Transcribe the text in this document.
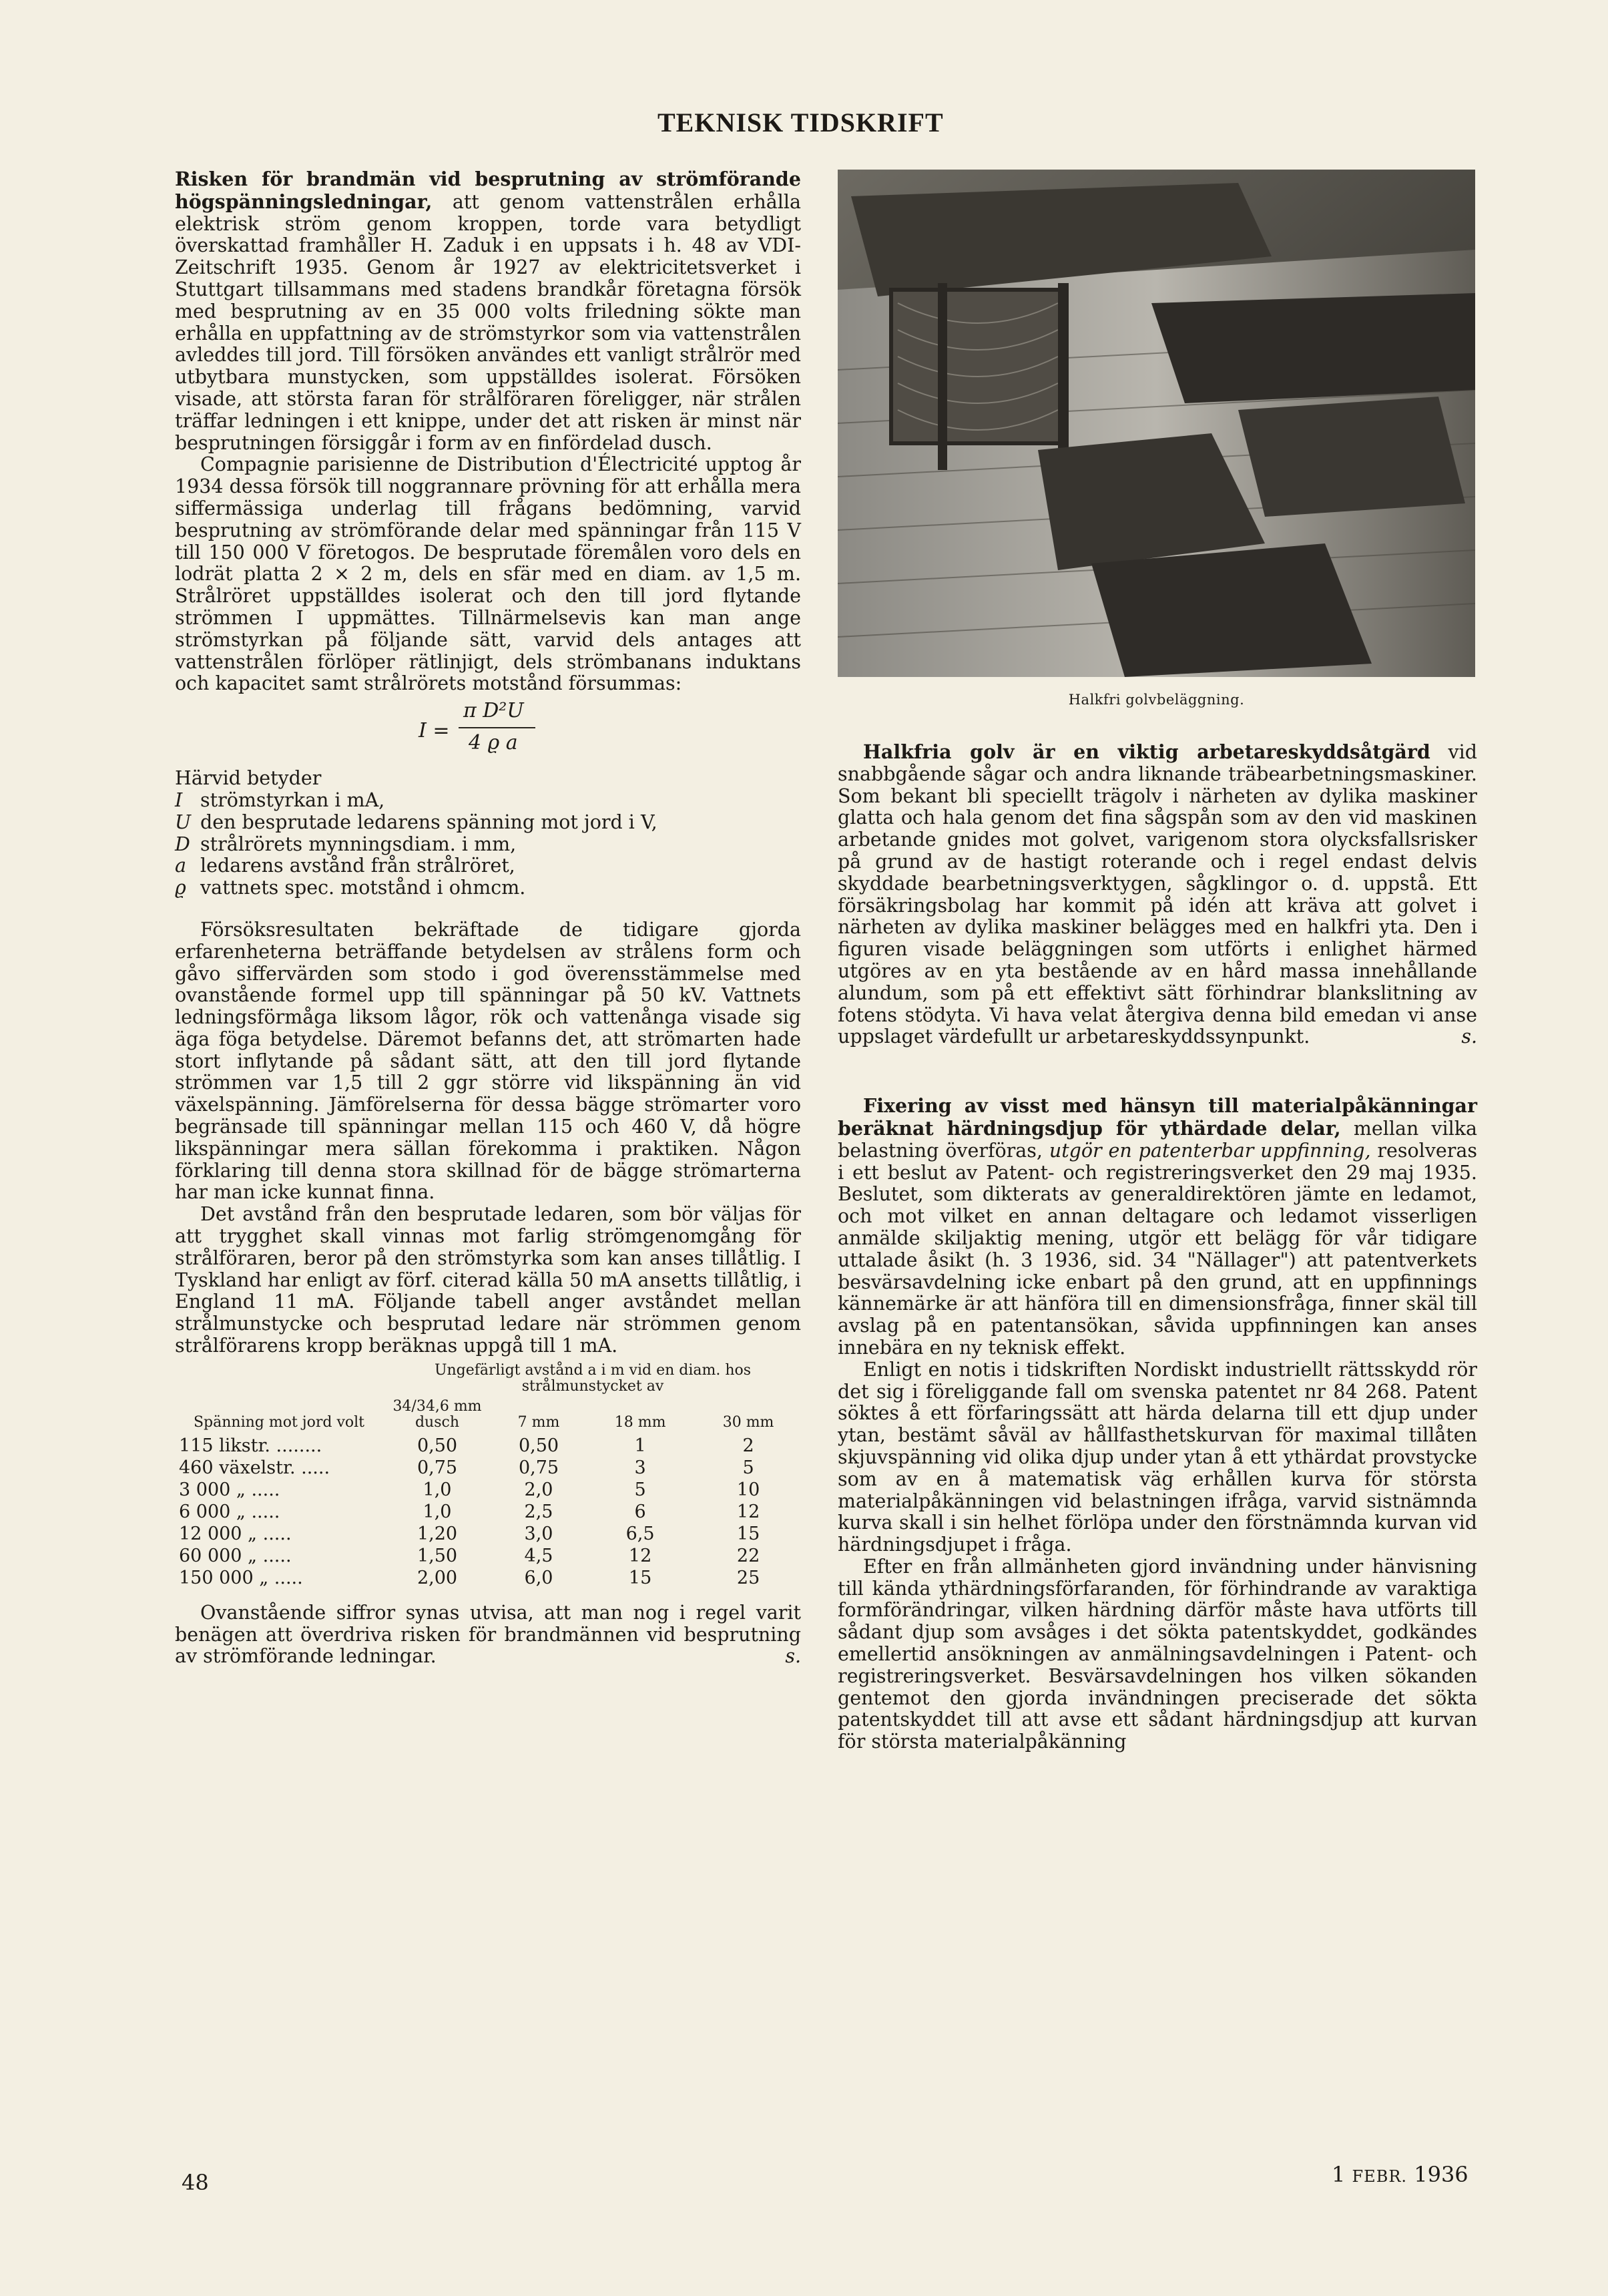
TEKNISK TIDSKRIFT

Risken för brandmän vid besprutning av strömförande högspänningsledningar, att genom vattenstrålen erhålla elektrisk ström genom kroppen, torde vara betydligt överskattad framhåller H. Zaduk i en uppsats i h. 48 av VDI-Zeitschrift 1935. Genom år 1927 av elektricitetsverket i Stuttgart tillsammans med stadens brandkår företagna försök med besprutning av en 35 000 volts friledning sökte man erhålla en uppfattning av de strömstyrkor som via vattenstrålen avleddes till jord. Till försöken användes ett vanligt strålrör med utbytbara munstycken, som uppställdes isolerat. Försöken visade, att största faran för strålföraren föreligger, när strålen träffar ledningen i ett knippe, under det att risken är minst när besprutningen försiggår i form av en finfördelad dusch.

Compagnie parisienne de Distribution d'Électricité upptog år 1934 dessa försök till noggrannare prövning för att erhålla mera siffermässiga underlag till frågans bedömning, varvid besprutning av strömförande delar med spänningar från 115 V till 150 000 V företogos. De besprutade föremålen voro dels en lodrät platta 2 × 2 m, dels en sfär med en diam. av 1,5 m. Strålröret uppställdes isolerat och den till jord flytande strömmen I uppmättes. Tillnärmelsevis kan man ange strömstyrkan på följande sätt, varvid dels antages att vattenstrålen förlöper rätlinjigt, dels strömbanans induktans och kapacitet samt strålrörets motstånd försummas:

I =
π D²U
4 ϱ a

Härvid betyder

I strömstyrkan i mA,
U den besprutade ledarens spänning mot jord i V,
D strålrörets mynningsdiam. i mm,
a ledarens avstånd från strålröret,
ϱ vattnets spec. motstånd i ohmcm.

Försöksresultaten bekräftade de tidigare gjorda erfarenheterna beträffande betydelsen av strålens form och gåvo siffervärden som stodo i god överensstämmelse med ovanstående formel upp till spänningar på 50 kV. Vattnets ledningsförmåga liksom lågor, rök och vattenånga visade sig äga föga betydelse. Däremot befanns det, att strömarten hade stort inflytande på sådant sätt, att den till jord flytande strömmen var 1,5 till 2 ggr större vid likspänning än vid växelspänning. Jämförelserna för dessa bägge strömarter voro begränsade till spänningar mellan 115 och 460 V, då högre likspänningar mera sällan förekomma i praktiken. Någon förklaring till denna stora skillnad för de bägge strömarterna har man icke kunnat finna.

Det avstånd från den besprutade ledaren, som bör väljas för att trygghet skall vinnas mot farlig strömgenomgång för strålföraren, beror på den strömstyrka som kan anses tillåtlig. I Tyskland har enligt av förf. citerad källa 50 mA ansetts tillåtlig, i England 11 mA. Följande tabell anger avståndet mellan strålmunstycke och besprutad ledare när strömmen genom strålförarens kropp beräknas uppgå till 1 mA.

Spänning mot jord volt	Ungefärligt avstånd a i m vid en diam. hos strålmunstycket av			
	34/34,6 mm dusch	7 mm	18 mm	30 mm
115 likstr. ........	0,50	0,50	1	2
460 växelstr. .....	0,75	0,75	3	5
3 000 „ .....	1,0	2,0	5	10
6 000 „ .....	1,0	2,5	6	12
12 000 „ .....	1,20	3,0	6,5	15
60 000 „ .....	1,50	4,5	12	22
150 000 „ .....	2,00	6,0	15	25

Ovanstående siffror synas utvisa, att man nog i regel varit benägen att överdriva risken för brandmännen vid besprutning av strömförande ledningar.	s.

Halkfri golvbeläggning.

Halkfria golv är en viktig arbetareskyddsåtgärd vid snabbgående sågar och andra liknande träbearbetningsmaskiner. Som bekant bli speciellt trägolv i närheten av dylika maskiner glatta och hala genom det fina sågspån som av den vid maskinen arbetande gnides mot golvet, varigenom stora olycksfallsrisker på grund av de hastigt roterande och i regel endast delvis skyddade bearbetningsverktygen, sågklingor o. d. uppstå. Ett försäkringsbolag har kommit på idén att kräva att golvet i närheten av dylika maskiner belägges med en halkfri yta. Den i figuren visade beläggningen som utförts i enlighet härmed utgöres av en yta bestående av en hård massa innehållande alundum, som på ett effektivt sätt förhindrar blankslitning av fotens stödyta. Vi hava velat återgiva denna bild emedan vi anse uppslaget värdefullt ur arbetareskyddssynpunkt.	s.

Fixering av visst med hänsyn till materialpåkänningar beräknat härdningsdjup för ythärdade delar, mellan vilka belastning överföras, utgör en patenterbar uppfinning, resolveras i ett beslut av Patent- och registreringsverket den 29 maj 1935. Beslutet, som dikterats av generaldirektören jämte en ledamot, och mot vilket en annan deltagare och ledamot visserligen anmälde skiljaktig mening, utgör ett belägg för vår tidigare uttalade åsikt (h. 3 1936, sid. 34 "Nällager") att patentverkets besvärsavdelning icke enbart på den grund, att en uppfinnings kännemärke är att hänföra till en dimensionsfråga, finner skäl till avslag på en patentansökan, såvida uppfinningen kan anses innebära en ny teknisk effekt.

Enligt en notis i tidskriften Nordiskt industriellt rättsskydd rör det sig i föreliggande fall om svenska patentet nr 84 268. Patent söktes å ett förfaringssätt att härda delarna till ett djup under ytan, bestämt såväl av hållfasthetskurvan för maximal tillåten skjuvspänning vid olika djup under ytan å ett ythärdat provstycke som av en å matematisk väg erhållen kurva för största materialpåkänningen vid belastningen ifråga, varvid sistnämnda kurva skall i sin helhet förlöpa under den förstnämnda kurvan vid härdningsdjupet i fråga.

Efter en från allmänheten gjord invändning under hänvisning till kända ythärdningsförfaranden, för förhindrande av varaktiga formförändringar, vilken härdning därför måste hava utförts till sådant djup som avsåges i det sökta patentskyddet, godkändes emellertid ansökningen av anmälningsavdelningen i Patent- och registreringsverket. Besvärsavdelningen hos vilken sökanden gentemot den gjorda invändningen preciserade det sökta patentskyddet till att avse ett sådant härdningsdjup att kurvan för största materialpåkänning

48	1 FEBR. 1936
